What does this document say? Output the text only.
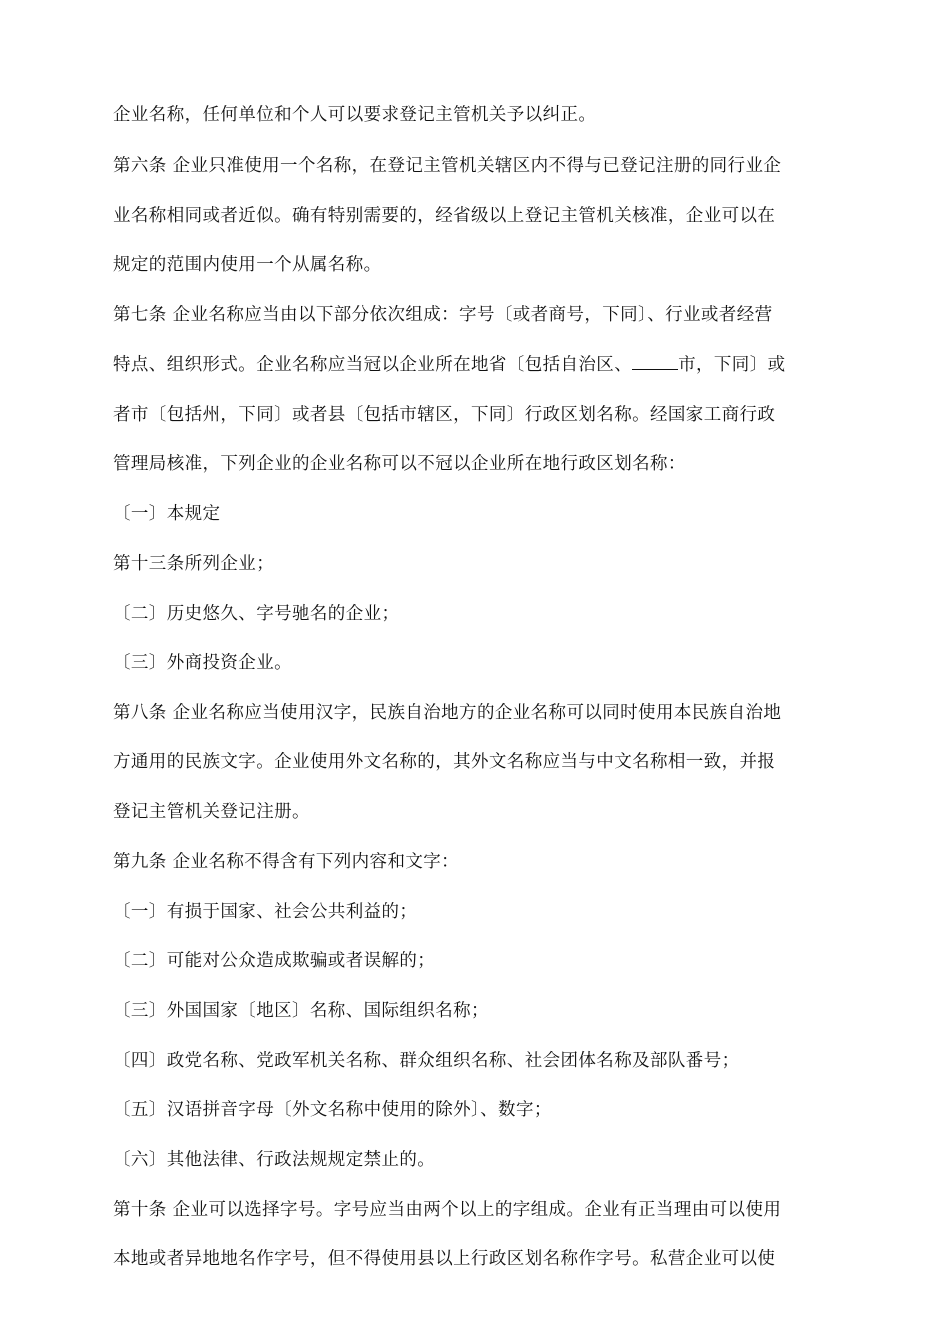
企业名称，任何单位和个人可以要求登记主管机关予以纠正。
第六条 企业只准使用一个名称，在登记主管机关辖区内不得与已登记注册的同行业企
业名称相同或者近似。确有特别需要的，经省级以上登记主管机关核准，企业可以在
规定的范围内使用一个从属名称。
第七条 企业名称应当由以下部分依次组成：字号〔或者商号，下同〕、行业或者经营
特点、组织形式。企业名称应当冠以企业所在地省〔包括自治区、	市，下同〕或
者市〔包括州，下同〕或者县〔包括市辖区，下同〕行政区划名称。经国家工商行政
管理局核准，下列企业的企业名称可以不冠以企业所在地行政区划名称：
〔一〕本规定
第十三条所列企业；
〔二〕历史悠久、字号驰名的企业；
〔三〕外商投资企业。
第八条 企业名称应当使用汉字，民族自治地方的企业名称可以同时使用本民族自治地
方通用的民族文字。企业使用外文名称的，其外文名称应当与中文名称相一致，并报
登记主管机关登记注册。
第九条 企业名称不得含有下列内容和文字：
〔一〕有损于国家、社会公共利益的；
〔二〕可能对公众造成欺骗或者误解的；
〔三〕外国国家〔地区〕名称、国际组织名称；
〔四〕政党名称、党政军机关名称、群众组织名称、社会团体名称及部队番号；
〔五〕汉语拼音字母〔外文名称中使用的除外〕、数字；
〔六〕其他法律、行政法规规定禁止的。
第十条 企业可以选择字号。字号应当由两个以上的字组成。企业有正当理由可以使用
本地或者异地地名作字号，但不得使用县以上行政区划名称作字号。私营企业可以使
